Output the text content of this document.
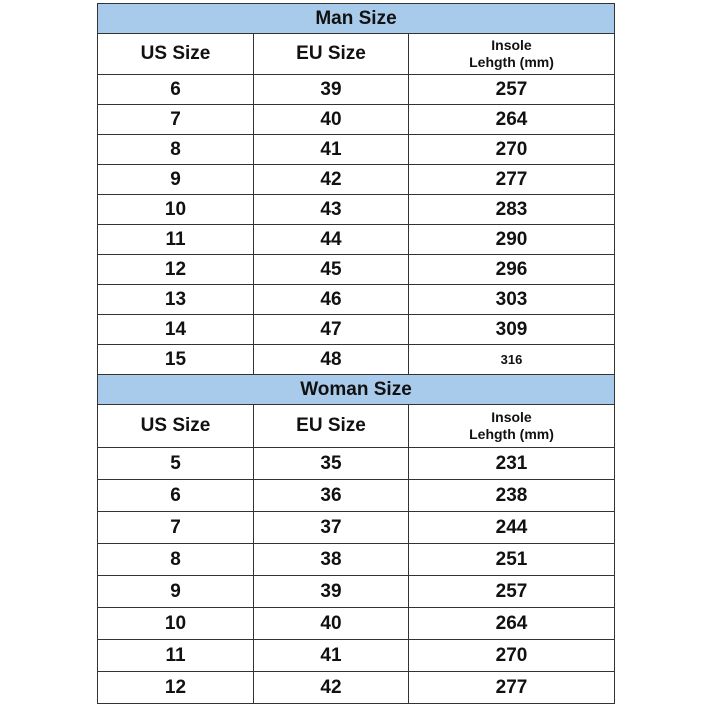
Man Size		
US Size	EU Size	Insole
Lehgth (mm)
6	39	257
7	40	264
8	41	270
9	42	277
10	43	283
11	44	290
12	45	296
13	46	303
14	47	309
15	48	316
Woman Size		
US Size	EU Size	Insole
Lehgth (mm)
5	35	231
6	36	238
7	37	244
8	38	251
9	39	257
10	40	264
11	41	270
12	42	277
